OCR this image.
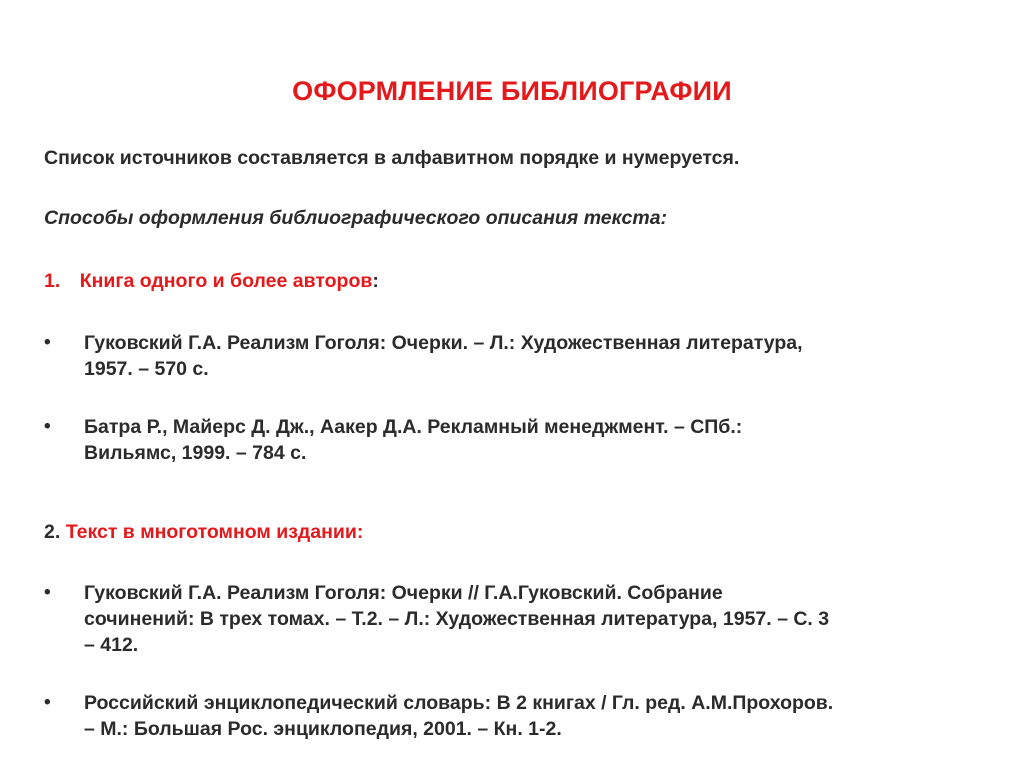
ОФОРМЛЕНИЕ БИБЛИОГРАФИИ
Список источников составляется в алфавитном порядке и нумеруется.
Способы оформления библиографического описания текста:
1. Книга одного и более авторов:
•	Гуковский Г.А. Реализм Гоголя: Очерки. – Л.: Художественная литература,
1957. – 570 с.
•	Батра Р., Майерс Д. Дж., Аакер Д.А. Рекламный менеджмент. – СПб.:
Вильямс, 1999. – 784 с.
2. Текст в многотомном издании:
•	Гуковский Г.А. Реализм Гоголя: Очерки // Г.А.Гуковский. Собрание
сочинений: В трех томах. – Т.2. – Л.: Художественная литература, 1957. – С. 3
– 412.
•	Российский энциклопедический словарь: В 2 книгах / Гл. ред. А.М.Прохоров.
– М.: Большая Рос. энциклопедия, 2001. – Кн. 1-2.
